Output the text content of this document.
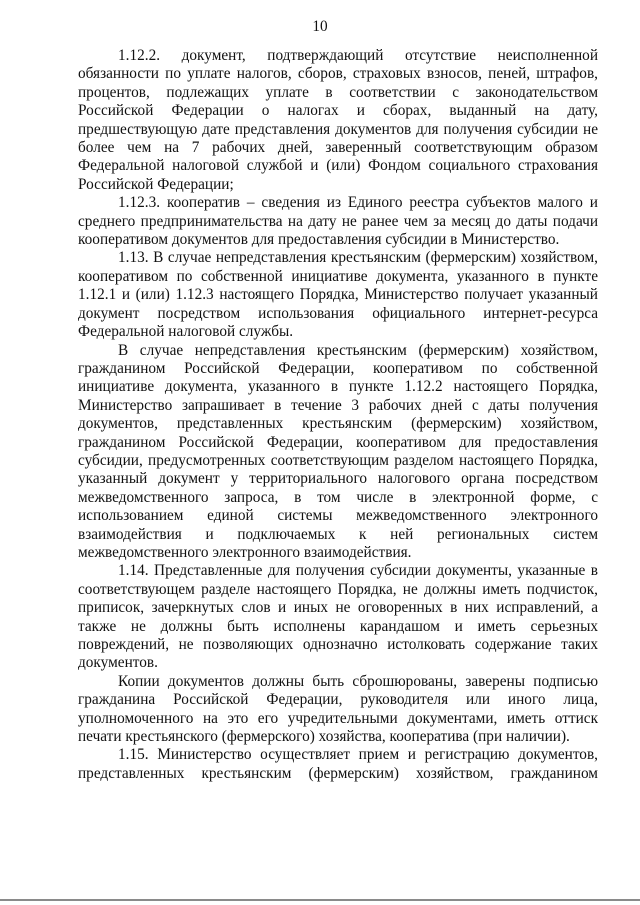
10

1.12.2. документ, подтверждающий отсутствие неисполненной обязанности по уплате налогов, сборов, страховых взносов, пеней, штрафов, процентов, подлежащих уплате в соответствии с законодательством Российской Федерации о налогах и сборах, выданный на дату, предшествующую дате представления документов для получения субсидии не более чем на 7 рабочих дней, заверенный соответствующим образом Федеральной налоговой службой и (или) Фондом социального страхования Российской Федерации;

1.12.3. кооператив – сведения из Единого реестра субъектов малого и среднего предпринимательства на дату не ранее чем за месяц до даты подачи кооперативом документов для предоставления субсидии в Министерство.

1.13. В случае непредставления крестьянским (фермерским) хозяйством, кооперативом по собственной инициативе документа, указанного в пункте 1.12.1 и (или) 1.12.3 настоящего Порядка, Министерство получает указанный документ посредством использования официального интернет-ресурса Федеральной налоговой службы.

В случае непредставления крестьянским (фермерским) хозяйством, гражданином Российской Федерации, кооперативом по собственной инициативе документа, указанного в пункте 1.12.2 настоящего Порядка, Министерство запрашивает в течение 3 рабочих дней с даты получения документов, представленных крестьянским (фермерским) хозяйством, гражданином Российской Федерации, кооперативом для предоставления субсидии, предусмотренных соответствующим разделом настоящего Порядка, указанный документ у территориального налогового органа посредством межведомственного запроса, в том числе в электронной форме, с использованием единой системы межведомственного электронного взаимодействия и подключаемых к ней региональных систем межведомственного электронного взаимодействия.

1.14. Представленные для получения субсидии документы, указанные в соответствующем разделе настоящего Порядка, не должны иметь подчисток, приписок, зачеркнутых слов и иных не оговоренных в них исправлений, а также не должны быть исполнены карандашом и иметь серьезных повреждений, не позволяющих однозначно истолковать содержание таких документов.

Копии документов должны быть сброшюрованы, заверены подписью гражданина Российской Федерации, руководителя или иного лица, уполномоченного на это его учредительными документами, иметь оттиск печати крестьянского (фермерского) хозяйства, кооператива (при наличии).

1.15. Министерство осуществляет прием и регистрацию документов, представленных крестьянским (фермерским) хозяйством, гражданином
